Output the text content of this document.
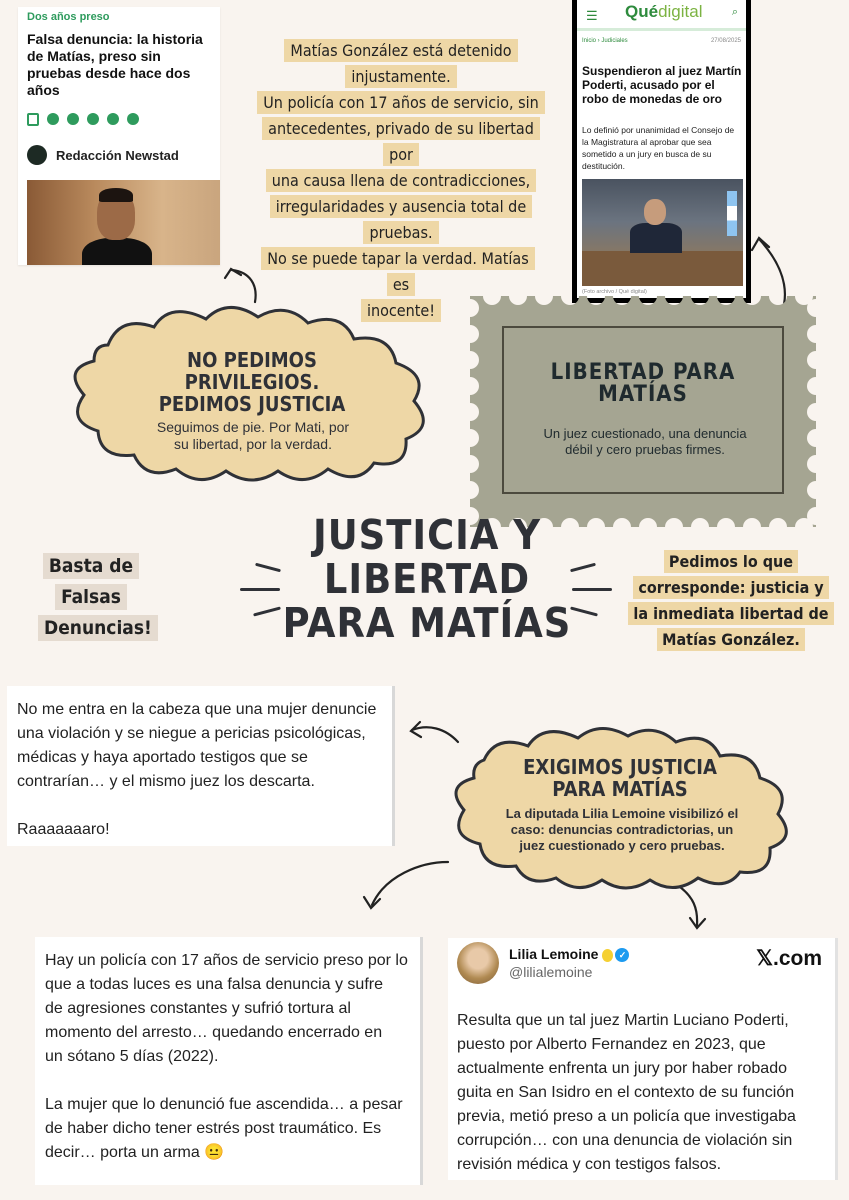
Dos años preso
Falsa denuncia: la historia de Matías, preso sin pruebas desde hace dos años
Redacción Newstad
Matías González está detenido
injustamente.
Un policía con 17 años de servicio, sin
antecedentes, privado de su libertad por
una causa llena de contradicciones,
irregularidades y ausencia total de
pruebas.
No se puede tapar la verdad. Matías es
inocente!
☰ Quédigital	⌕
Inicio › Judiciales	27/08/2025
Suspendieron al juez Martín Poderti, acusado por el robo de monedas de oro
Lo definió por unanimidad el Consejo de la Magistratura al aprobar que sea sometido a un jury en busca de su destitución.
(Foto archivo / Qué digital)
NO PEDIMOS PRIVILEGIOS. PEDIMOS JUSTICIA
Seguimos de pie. Por Mati, por su libertad, por la verdad.
LIBERTAD PARA
MATÍAS
Un juez cuestionado, una denuncia débil y cero pruebas firmes.
JUSTICIA Y
LIBERTAD
PARA MATÍAS
Basta de
Falsas
Denuncias!
Pedimos lo que
corresponde: justicia y
la inmediata libertad de
Matías González.
No me entra en la cabeza que una mujer denuncie
una violación y se niegue a pericias psicológicas,
médicas y haya aportado testigos que se
contrarían… y el mismo juez los descarta.

Raaaaaaaro!
EXIGIMOS JUSTICIA
PARA MATÍAS
La diputada Lilia Lemoine visibilizó el caso: denuncias contradictorias, un juez cuestionado y cero pruebas.
Hay un policía con 17 años de servicio preso por lo
que a todas luces es una falsa denuncia y sufre
de agresiones constantes y sufrió tortura al
momento del arresto… quedando encerrado en
un sótano 5 días (2022).

La mujer que lo denunció fue ascendida… a pesar
de haber dicho tener estrés post traumático. Es
decir… porta un arma 😐
Lilia Lemoine ✓
@lilialemoine
𝕏.com
Resulta que un tal juez Martin Luciano Poderti,
puesto por Alberto Fernandez en 2023, que
actualmente enfrenta un jury por haber robado
guita en San Isidro en el contexto de su función
previa, metió preso a un policía que investigaba
corrupción… con una denuncia de violación sin
revisión médica y con testigos falsos.
